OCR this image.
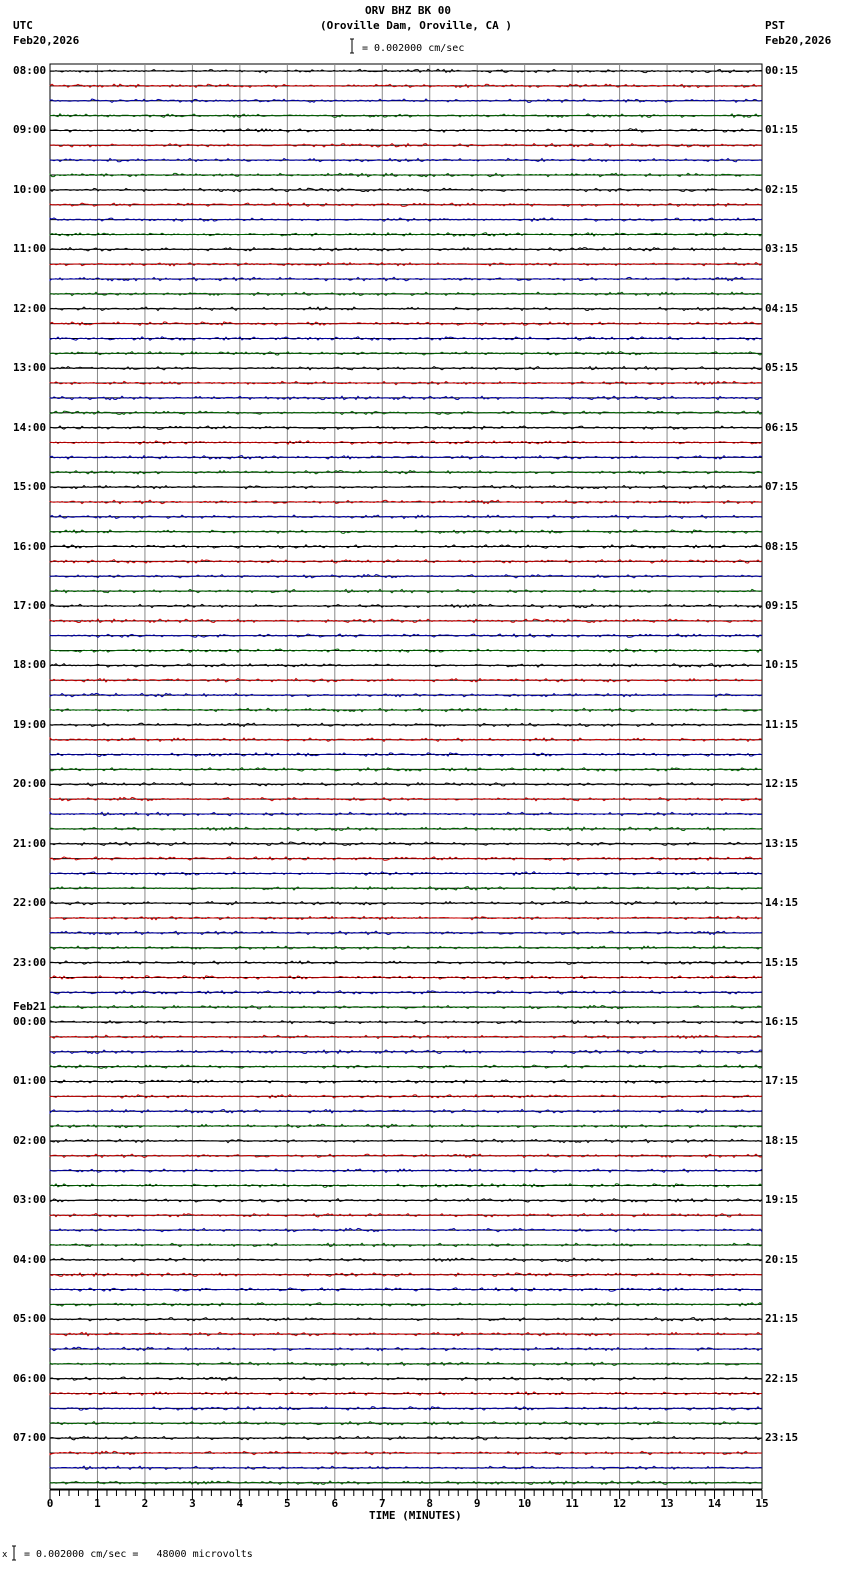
ORV BHZ BK 00
(Oroville Dam, Oroville, CA )
UTC
Feb20,2026
PST
Feb20,2026
= 0.002000 cm/sec
TIME (MINUTES)
x = 0.002000 cm/sec =   48000 microvolts
0	1	2	3	4	5	6	7	8	9	10	11	12	13	14	15
08:00
09:00
10:00
11:00
12:00
13:00
14:00
15:00
16:00
17:00
18:00
19:00
20:00
21:00
22:00
23:00
00:00
Feb21
01:00
02:00
03:00
04:00
05:00
06:00
07:00
00:15
01:15
02:15
03:15
04:15
05:15
06:15
07:15
08:15
09:15
10:15
11:15
12:15
13:15
14:15
15:15
16:15
17:15
18:15
19:15
20:15
21:15
22:15
23:15
